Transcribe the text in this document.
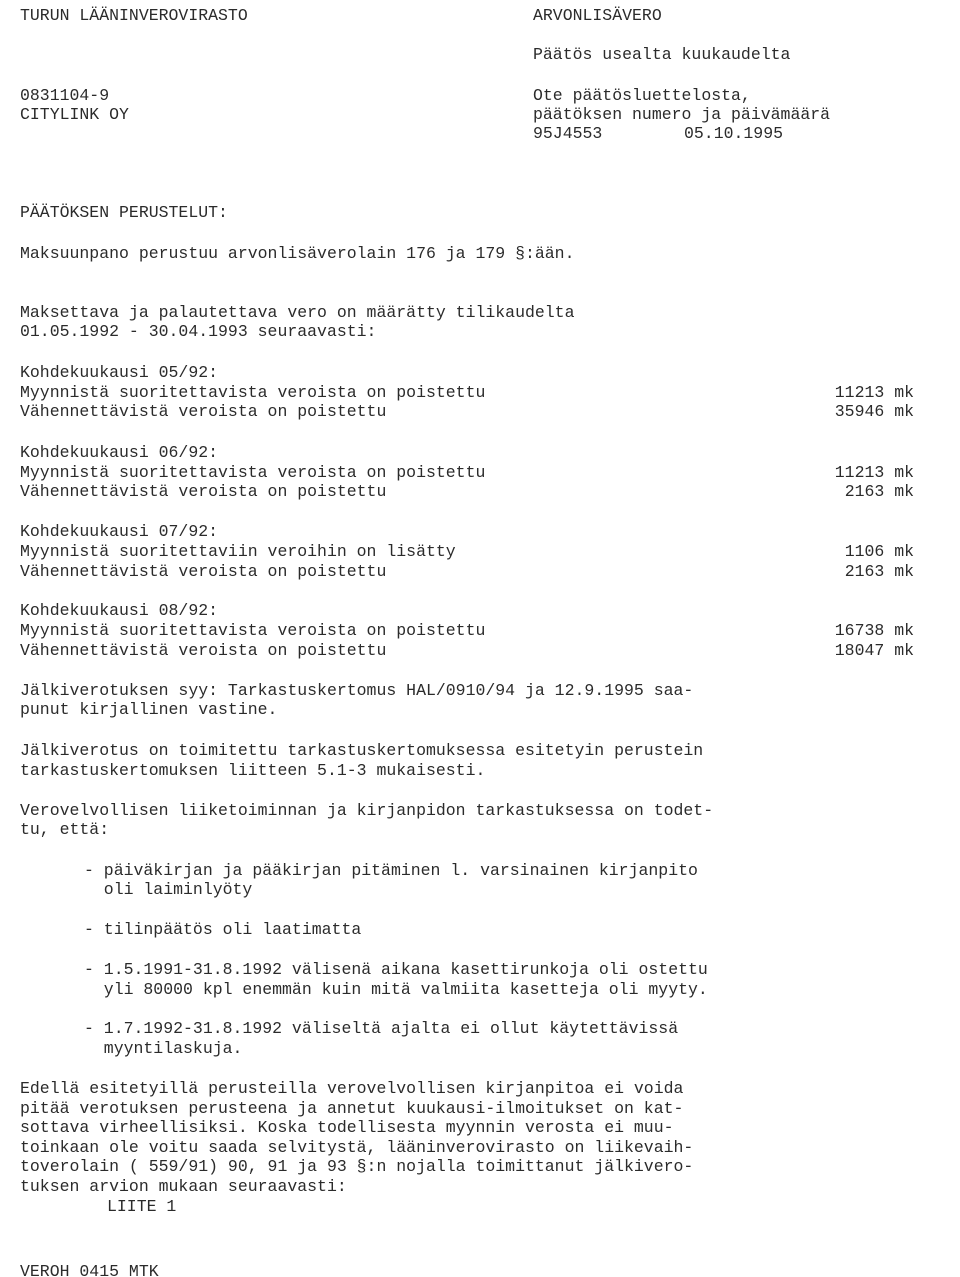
TURUN LÄÄNINVEROVIRASTO	ARVONLISÄVERO
Päätös usealta kuukaudelta
0831104-9
CITYLINK OY
Ote päätösluettelosta,
päätöksen numero ja päivämäärä
95J4553	05.10.1995
PÄÄTÖKSEN PERUSTELUT:
Maksuunpano perustuu arvonlisäverolain 176 ja 179 §:ään.
Maksettava ja palautettava vero on määrätty tilikaudelta
01.05.1992 - 30.04.1993 seuraavasti:
Kohdekuukausi 05/92:
Myynnistä suoritettavista veroista on poistettu	11213 mk
Vähennettävistä veroista on poistettu	35946 mk
Kohdekuukausi 06/92:
Myynnistä suoritettavista veroista on poistettu	11213 mk
Vähennettävistä veroista on poistettu	2163 mk
Kohdekuukausi 07/92:
Myynnistä suoritettaviin veroihin on lisätty	1106 mk
Vähennettävistä veroista on poistettu	2163 mk
Kohdekuukausi 08/92:
Myynnistä suoritettavista veroista on poistettu	16738 mk
Vähennettävistä veroista on poistettu	18047 mk
Jälkiverotuksen syy: Tarkastuskertomus HAL/0910/94 ja 12.9.1995 saa-
punut kirjallinen vastine.
Jälkiverotus on toimitettu tarkastuskertomuksessa esitetyin perustein
tarkastuskertomuksen liitteen 5.1-3 mukaisesti.
Verovelvollisen liiketoiminnan ja kirjanpidon tarkastuksessa on todet-
tu, että:
- päiväkirjan ja pääkirjan pitäminen l. varsinainen kirjanpito
oli laiminlyöty
- tilinpäätös oli laatimatta
- 1.5.1991-31.8.1992 välisenä aikana kasettirunkoja oli ostettu
yli 80000 kpl enemmän kuin mitä valmiita kasetteja oli myyty.
- 1.7.1992-31.8.1992 väliseltä ajalta ei ollut käytettävissä
myyntilaskuja.
Edellä esitetyillä perusteilla verovelvollisen kirjanpitoa ei voida
pitää verotuksen perusteena ja annetut kuukausi-ilmoitukset on kat-
sottava virheellisiksi. Koska todellisesta myynnin verosta ei muu-
toinkaan ole voitu saada selvitystä, lääninverovirasto on liikevaih-
toverolain ( 559/91) 90, 91 ja 93 §:n nojalla toimittanut jälkivero-
tuksen arvion mukaan seuraavasti:
LIITE 1
VEROH 0415 MTK
